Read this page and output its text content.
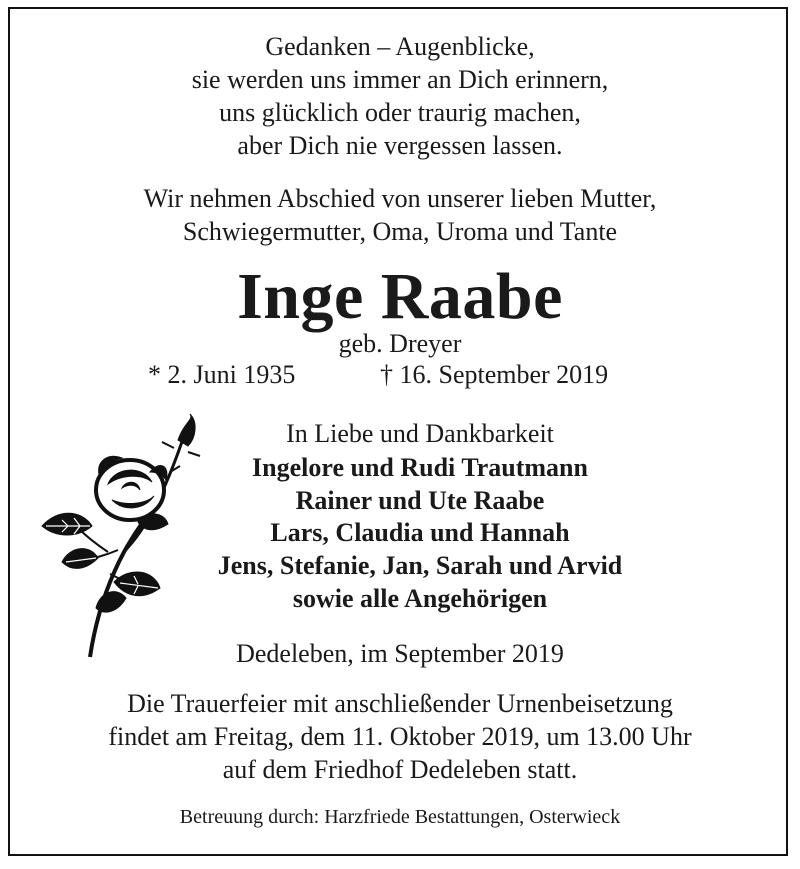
Gedanken – Augenblicke,
sie werden uns immer an Dich erinnern,
uns glücklich oder traurig machen,
aber Dich nie vergessen lassen.
Wir nehmen Abschied von unserer lieben Mutter,
Schwiegermutter, Oma, Uroma und Tante
Inge Raabe
geb. Dreyer
* 2. Juni 1935	† 16. September 2019
In Liebe und Dankbarkeit
Ingelore und Rudi Trautmann
Rainer und Ute Raabe
Lars, Claudia und Hannah
Jens, Stefanie, Jan, Sarah und Arvid
sowie alle Angehörigen
Dedeleben, im September 2019
Die Trauerfeier mit anschließender Urnenbeisetzung
findet am Freitag, dem 11. Oktober 2019, um 13.00 Uhr
auf dem Friedhof Dedeleben statt.
Betreuung durch: Harzfriede Bestattungen, Osterwieck
